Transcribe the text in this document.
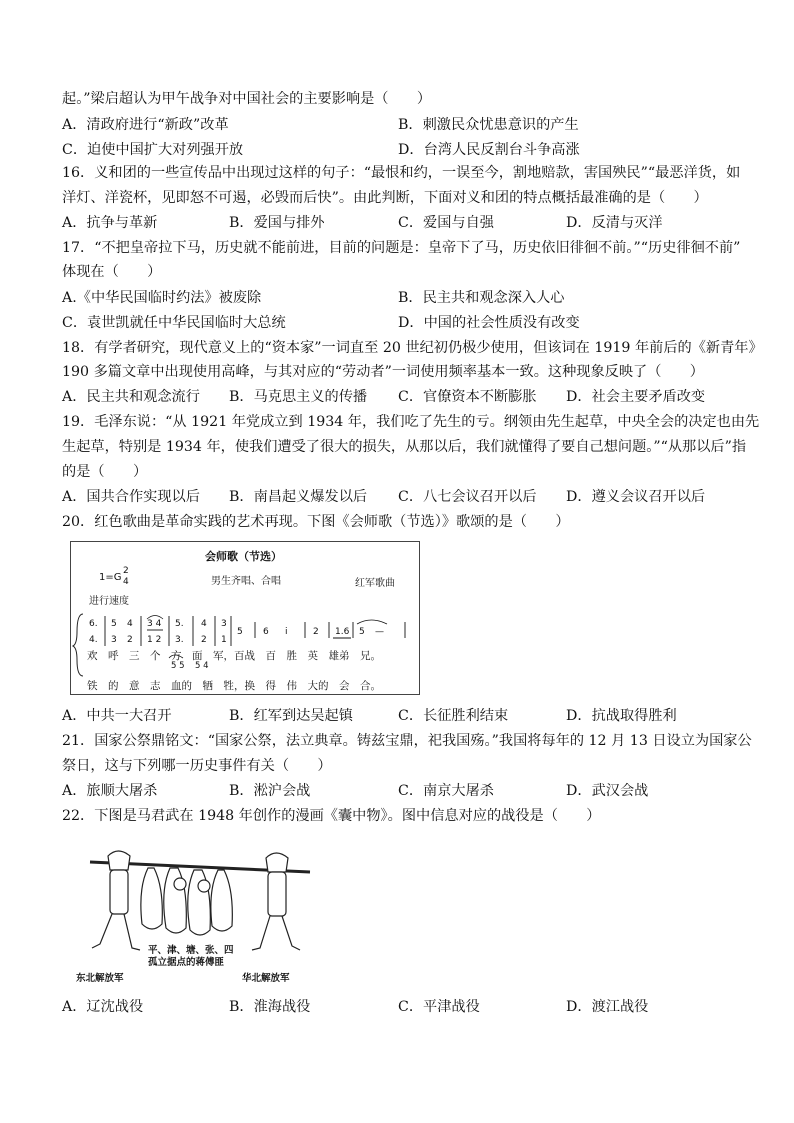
起。”梁启超认为甲午战争对中国社会的主要影响是（　　）
A．清政府进行“新政”改革	B．刺激民众忧患意识的产生
C．迫使中国扩大对列强开放	D．台湾人民反割台斗争高涨
16．义和团的一些宣传品中出现过这样的句子：“最恨和约，一误至今，割地赔款，害国殃民”“最恶洋货，如
洋灯、洋瓷杯，见即怒不可遏，必毁而后快”。由此判断，下面对义和团的特点概括最准确的是（　　）
A．抗争与革新	B．爱国与排外	C．爱国与自强	D．反清与灭洋
17．“不把皇帝拉下马，历史就不能前进，目前的问题是：皇帝下了马，历史依旧徘徊不前。”“历史徘徊不前”
体现在（　　）
A.《中华民国临时约法》被废除	B．民主共和观念深入人心
C．袁世凯就任中华民国临时大总统	D．中国的社会性质没有改变
18．有学者研究，现代意义上的“资本家”一词直至 20 世纪初仍极少使用，但该词在 1919 年前后的《新青年》
190 多篇文章中出现使用高峰，与其对应的“劳动者”一词使用频率基本一致。这种现象反映了（　　）
A．民主共和观念流行 B．马克思主义的传播 C．官僚资本不断膨胀 D．社会主要矛盾改变
19．毛泽东说：“从 1921 年党成立到 1934 年，我们吃了先生的亏。纲领由先生起草，中央全会的决定也由先
生起草，特别是 1934 年，使我们遭受了很大的损失，从那以后，我们就懂得了要自己想问题。”“从那以后”指
的是（　　）
A．国共合作实现以后 B．南昌起义爆发以后 C．八七会议召开以后 D．遵义会议召开以后
20．红色歌曲是革命实践的艺术再现。下图《会师歌（节选）》歌颂的是（　　）
会师歌（节选）
1=G
2
4	男生齐唱、合唱	红军歌曲
进行速度
6.
4.
5
3
4
2
3 4
1 2
5.
3.
4
2
3
1
5 6 i	2 1.6 5 —
5 5 5 4
欢　呼　三　个　方　面　军，百战　百　胜　英　雄弟　兄。
铁　的　意　志　血的　牺　牲，换　得　伟　大的　会　合。
A．中共一大召开	B．红军到达吴起镇	C．长征胜利结束	D．抗战取得胜利
21．国家公祭鼎铭文：“国家公祭，法立典章。铸兹宝鼎，祀我国殇。”我国将每年的 12 月 13 日设立为国家公
祭日，这与下列哪一历史事件有关（　　）
A．旅顺大屠杀	B．淞沪会战	C．南京大屠杀	D．武汉会战
22．下图是马君武在 1948 年创作的漫画《囊中物》。图中信息对应的战役是（　　）
平、津、塘、张、四
孤立据点的蒋傅匪
东北解放军	华北解放军
A．辽沈战役	B．淮海战役	C．平津战役	D．渡江战役
